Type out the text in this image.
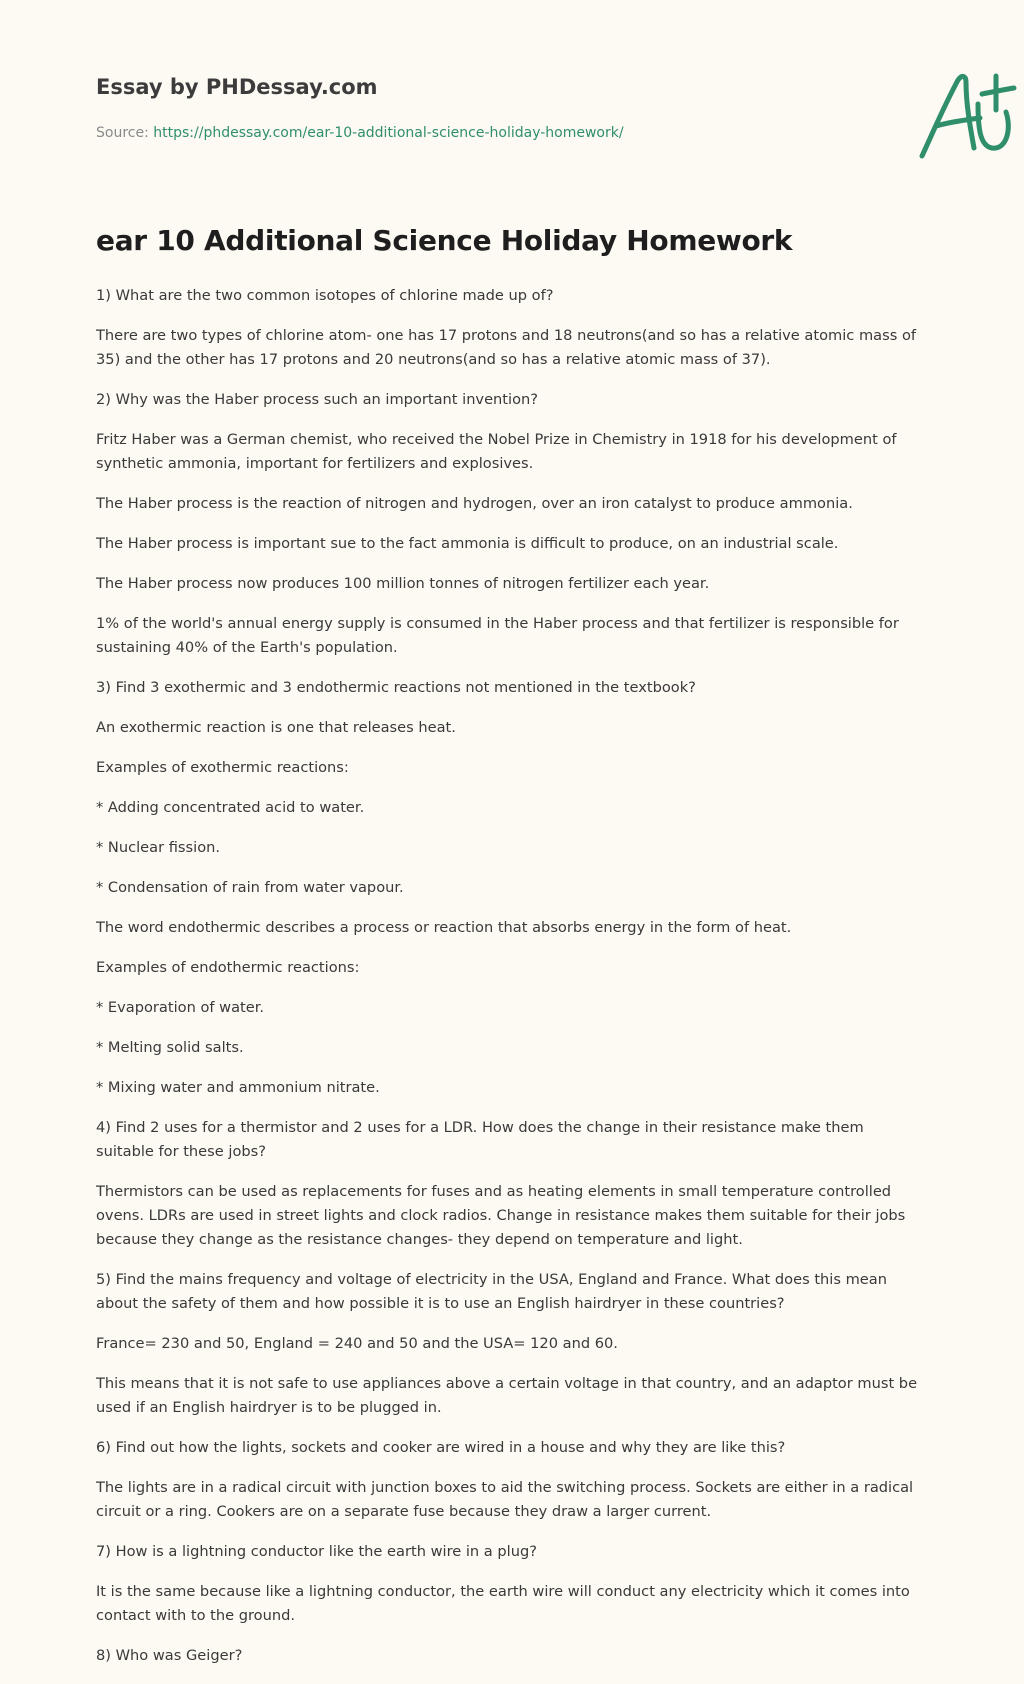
Essay by PHDessay.com
Source: https://phdessay.com/ear-10-additional-science-holiday-homework/
ear 10 Additional Science Holiday Homework

1) What are the two common isotopes of chlorine made up of?

There are two types of chlorine atom- one has 17 protons and 18 neutrons(and so has a relative atomic mass of 35) and the other has 17 protons and 20 neutrons(and so has a relative atomic mass of 37).

2) Why was the Haber process such an important invention?

Fritz Haber was a German chemist, who received the Nobel Prize in Chemistry in 1918 for his development of synthetic ammonia, important for fertilizers and explosives.

The Haber process is the reaction of nitrogen and hydrogen, over an iron catalyst to produce ammonia.

The Haber process is important sue to the fact ammonia is difficult to produce, on an industrial scale.

The Haber process now produces 100 million tonnes of nitrogen fertilizer each year.

1% of the world's annual energy supply is consumed in the Haber process and that fertilizer is responsible for sustaining 40% of the Earth's population.

3) Find 3 exothermic and 3 endothermic reactions not mentioned in the textbook?

An exothermic reaction is one that releases heat.

Examples of exothermic reactions:

* Adding concentrated acid to water.

* Nuclear fission.

* Condensation of rain from water vapour.

The word endothermic describes a process or reaction that absorbs energy in the form of heat.

Examples of endothermic reactions:

* Evaporation of water.

* Melting solid salts.

* Mixing water and ammonium nitrate.

4) Find 2 uses for a thermistor and 2 uses for a LDR. How does the change in their resistance make them suitable for these jobs?

Thermistors can be used as replacements for fuses and as heating elements in small temperature controlled ovens. LDRs are used in street lights and clock radios. Change in resistance makes them suitable for their jobs because they change as the resistance changes- they depend on temperature and light.

5) Find the mains frequency and voltage of electricity in the USA, England and France. What does this mean about the safety of them and how possible it is to use an English hairdryer in these countries?

France= 230 and 50, England = 240 and 50 and the USA= 120 and 60.

This means that it is not safe to use appliances above a certain voltage in that country, and an adaptor must be used if an English hairdryer is to be plugged in.

6) Find out how the lights, sockets and cooker are wired in a house and why they are like this?

The lights are in a radical circuit with junction boxes to aid the switching process. Sockets are either in a radical circuit or a ring. Cookers are on a separate fuse because they draw a larger current.

7) How is a lightning conductor like the earth wire in a plug?

It is the same because like a lightning conductor, the earth wire will conduct any electricity which it comes into contact with to the ground.

8) Who was Geiger?
